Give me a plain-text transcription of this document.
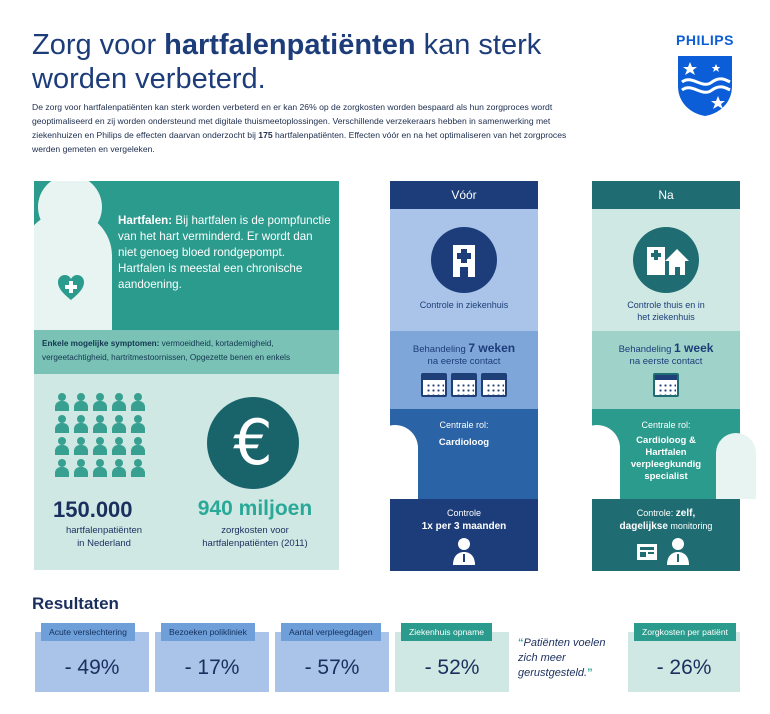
Zorg voor hartfalenpatiënten kan sterk worden verbeterd.
De zorg voor hartfalenpatiënten kan sterk worden verbeterd en er kan 26% op de zorgkosten worden bespaard als hun zorgproces wordt geoptimaliseerd en zij worden ondersteund met digitale thuismeetoplossingen. Verschillende verzekeraars hebben in samenwerking met ziekenhuizen en Philips de effecten daarvan onderzocht bij 175 hartfalenpatiënten. Effecten vóór en na het optimaliseren van het zorgproces werden gemeten en vergeleken.
PHILIPS
Hartfalen: Bij hartfalen is de pompfunctie van het hart verminderd. Er wordt dan niet genoeg bloed rondgepompt. Hartfalen is meestal een chronische aandoening.
Enkele mogelijke symptomen: vermoeidheid, kortademigheid, vergeetachtigheid, hartritmestoornissen, Opgezette benen en enkels
150.000
hartfalenpatiënten
in Nederland
€
940 miljoen
zorgkosten voor
hartfalenpatiënten (2011)
Vóór
Controle in ziekenhuis
Behandeling 7 weken
na eerste contact
Centrale rol:
Cardioloog
Controle
1x per 3 maanden
Na
Controle thuis en in
het ziekenhuis
Behandeling 1 week
na eerste contact
Centrale rol:
Cardioloog &
Hartfalen
verpleegkundig
specialist
Controle: zelf,
dagelijkse monitoring
Resultaten
Acute verslechtering
- 49%
Bezoeken polikliniek
- 17%
Aantal verpleegdagen
- 57%
Ziekenhuis opname
- 52%
“Patiënten voelen zich meer gerustgesteld.”
Zorgkosten per patiënt
- 26%
